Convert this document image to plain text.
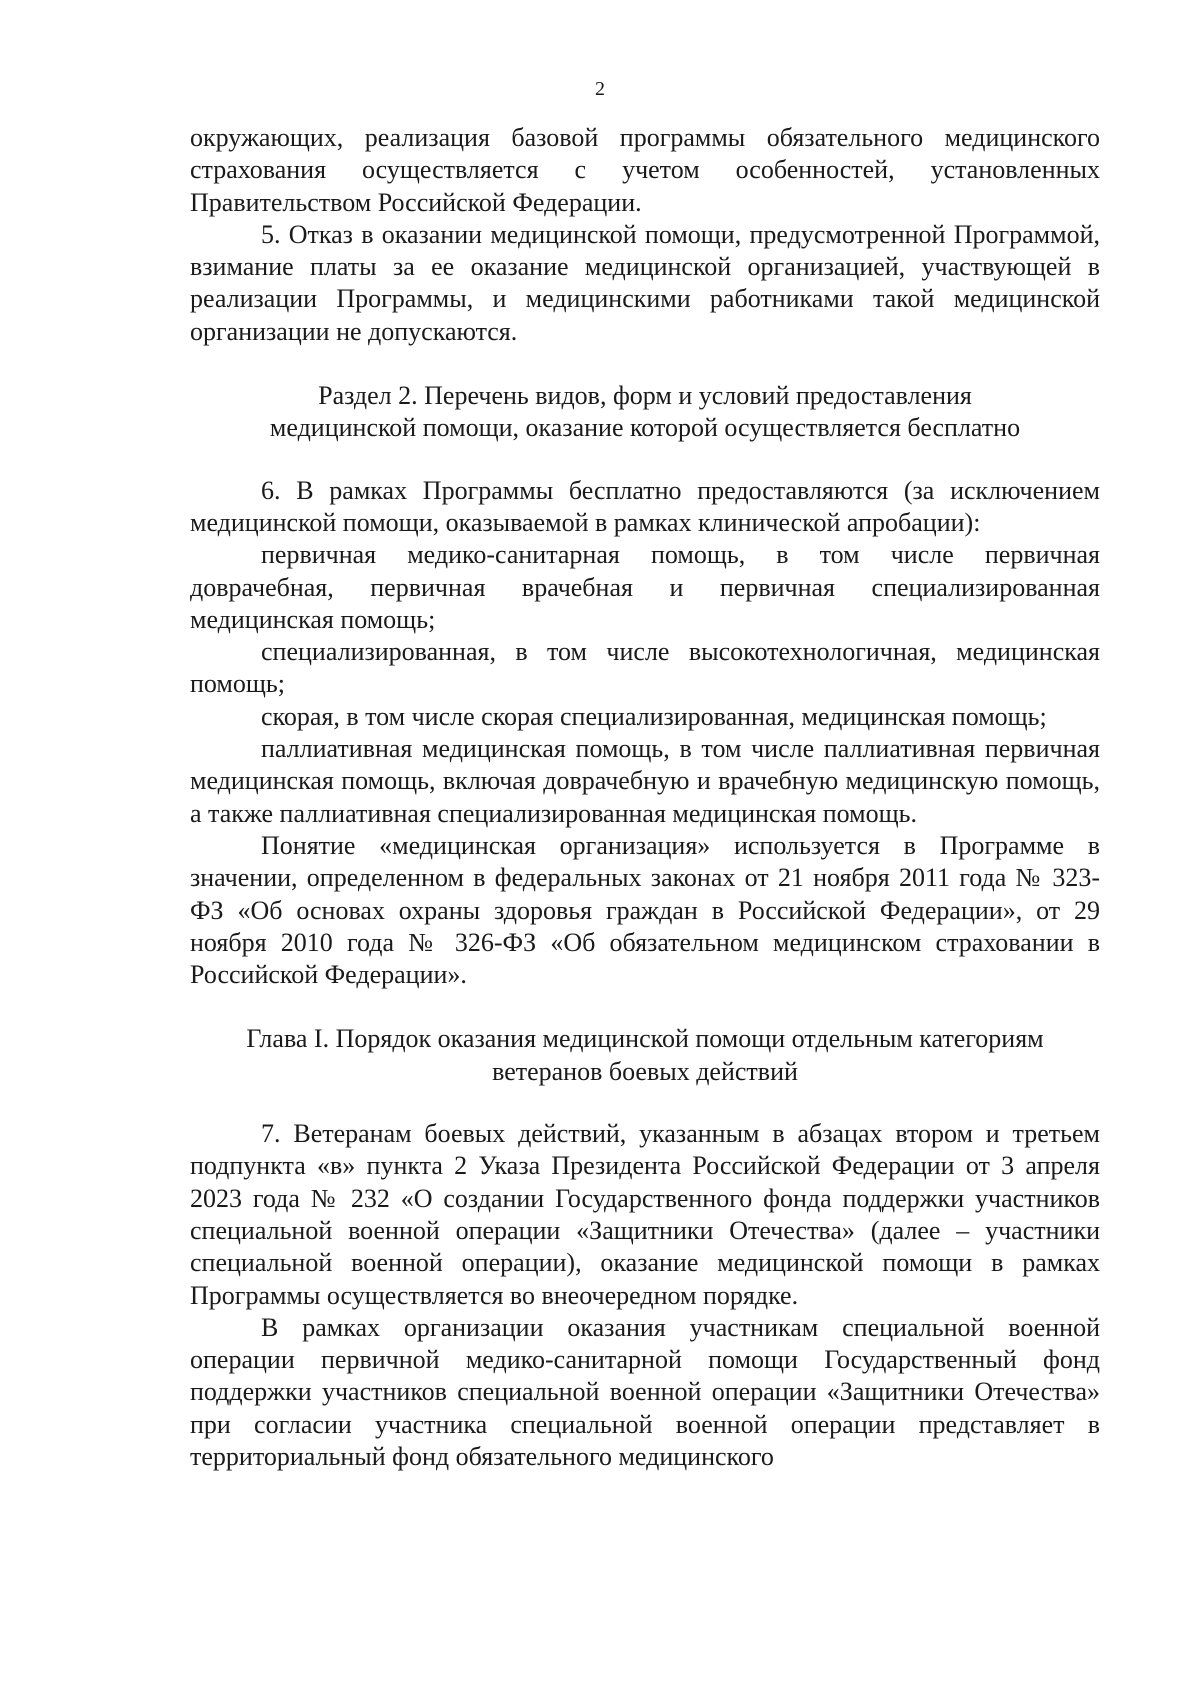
2

окружающих, реализация базовой программы обязательного медицинского страхования осуществляется с учетом особенностей, установленных Правительством Российской Федерации.

5. Отказ в оказании медицинской помощи, предусмотренной Программой, взимание платы за ее оказание медицинской организацией, участвующей в реализации Программы, и медицинскими работниками такой медицинской организации не допускаются.

Раздел 2. Перечень видов, форм и условий предоставления

медицинской помощи, оказание которой осуществляется бесплатно

6. В рамках Программы бесплатно предоставляются (за исключением медицинской помощи, оказываемой в рамках клинической апробации):

первичная медико-санитарная помощь, в том числе первичная доврачебная, первичная врачебная и первичная специализированная медицинская помощь;

специализированная, в том числе высокотехнологичная, медицинская помощь;

скорая, в том числе скорая специализированная, медицинская помощь;

паллиативная медицинская помощь, в том числе паллиативная первичная медицинская помощь, включая доврачебную и врачебную медицинскую помощь, а также паллиативная специализированная медицинская помощь.

Понятие «медицинская организация» используется в Программе в значении, определенном в федеральных законах от 21 ноября 2011 года № 323-ФЗ «Об основах охраны здоровья граждан в Российской Федерации», от 29 ноября 2010 года № 326-ФЗ «Об обязательном медицинском страховании в Российской Федерации».

Глава I. Порядок оказания медицинской помощи отдельным категориям

ветеранов боевых действий

7. Ветеранам боевых действий, указанным в абзацах втором и третьем подпункта «в» пункта 2 Указа Президента Российской Федерации от 3 апреля 2023 года № 232 «О создании Государственного фонда поддержки участников специальной военной операции «Защитники Отечества» (далее – участники специальной военной операции), оказание медицинской помощи в рамках Программы осуществляется во внеочередном порядке.

В рамках организации оказания участникам специальной военной операции первичной медико-санитарной помощи Государственный фонд поддержки участников специальной военной операции «Защитники Отечества» при согласии участника специальной военной операции представляет в территориальный фонд обязательного медицинского
